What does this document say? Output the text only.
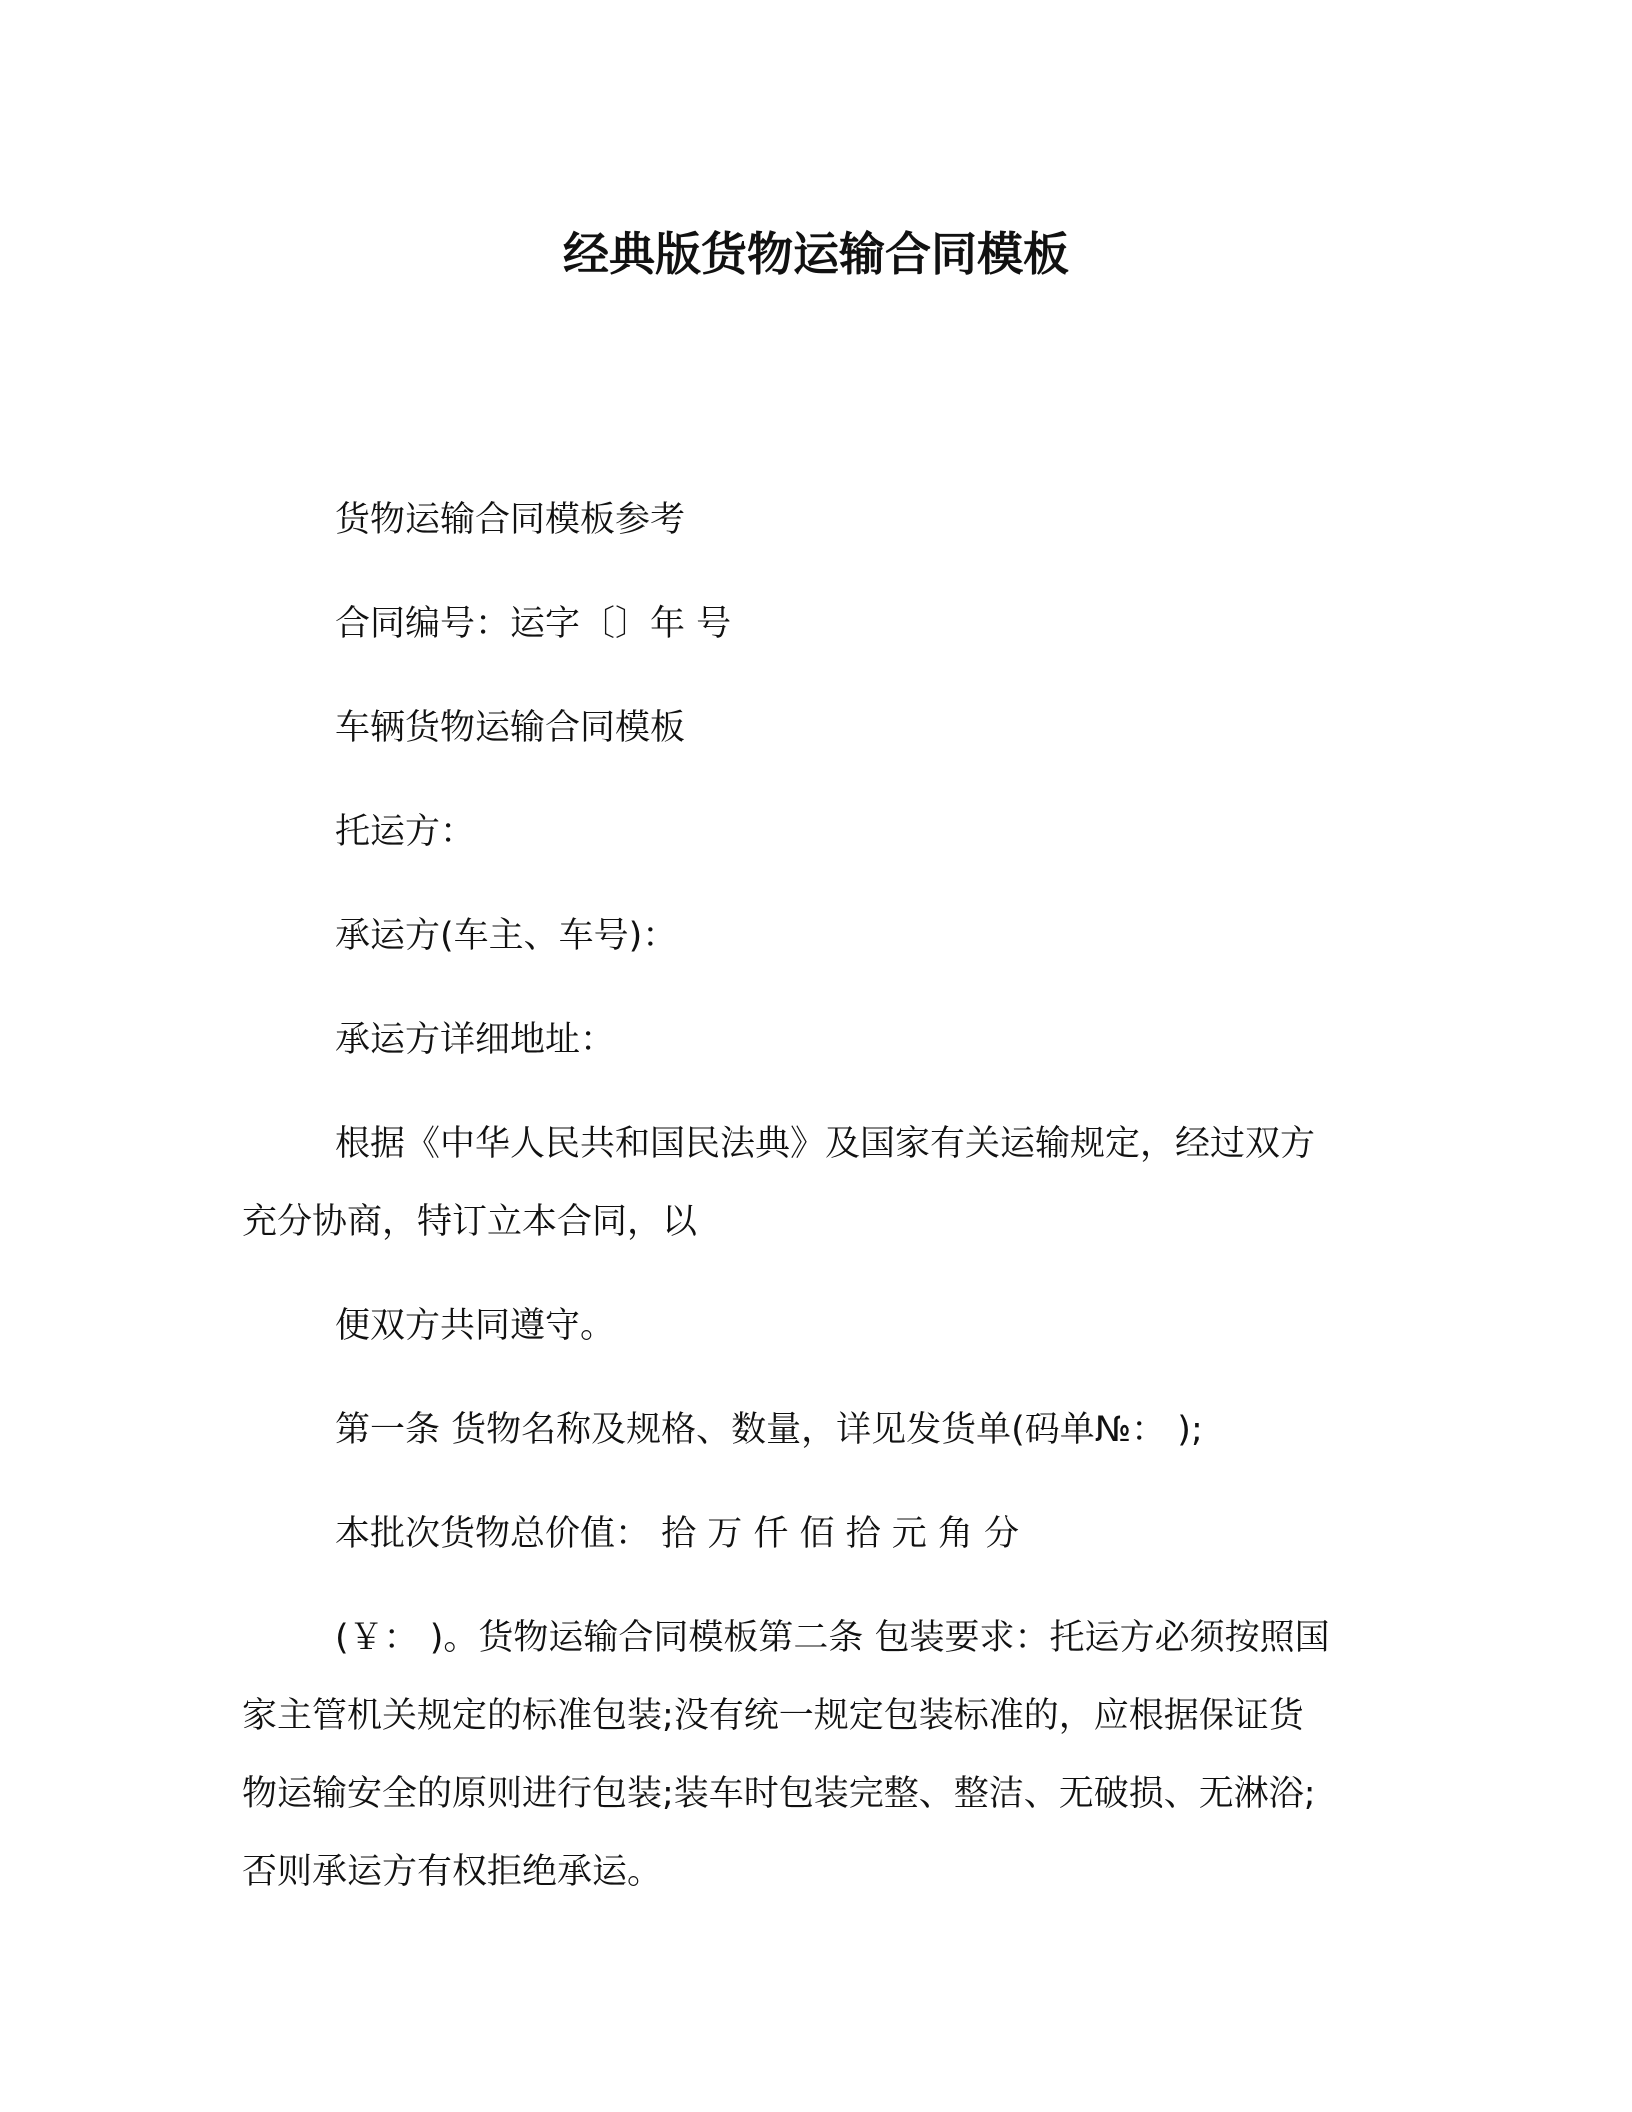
经典版货物运输合同模板
货物运输合同模板参考
合同编号：运字〔〕年 号
车辆货物运输合同模板
托运方：
承运方(车主、车号)：
承运方详细地址：
根据《中华人民共和国民法典》及国家有关运输规定，经过双方
充分协商，特订立本合同，以
便双方共同遵守。
第一条 货物名称及规格、数量，详见发货单(码单№： );
本批次货物总价值： 拾 万 仟 佰 拾 元 角 分
(￥： )。货物运输合同模板第二条 包装要求：托运方必须按照国
家主管机关规定的标准包装;没有统一规定包装标准的，应根据保证货
物运输安全的原则进行包装;装车时包装完整、整洁、无破损、无淋浴;
否则承运方有权拒绝承运。
